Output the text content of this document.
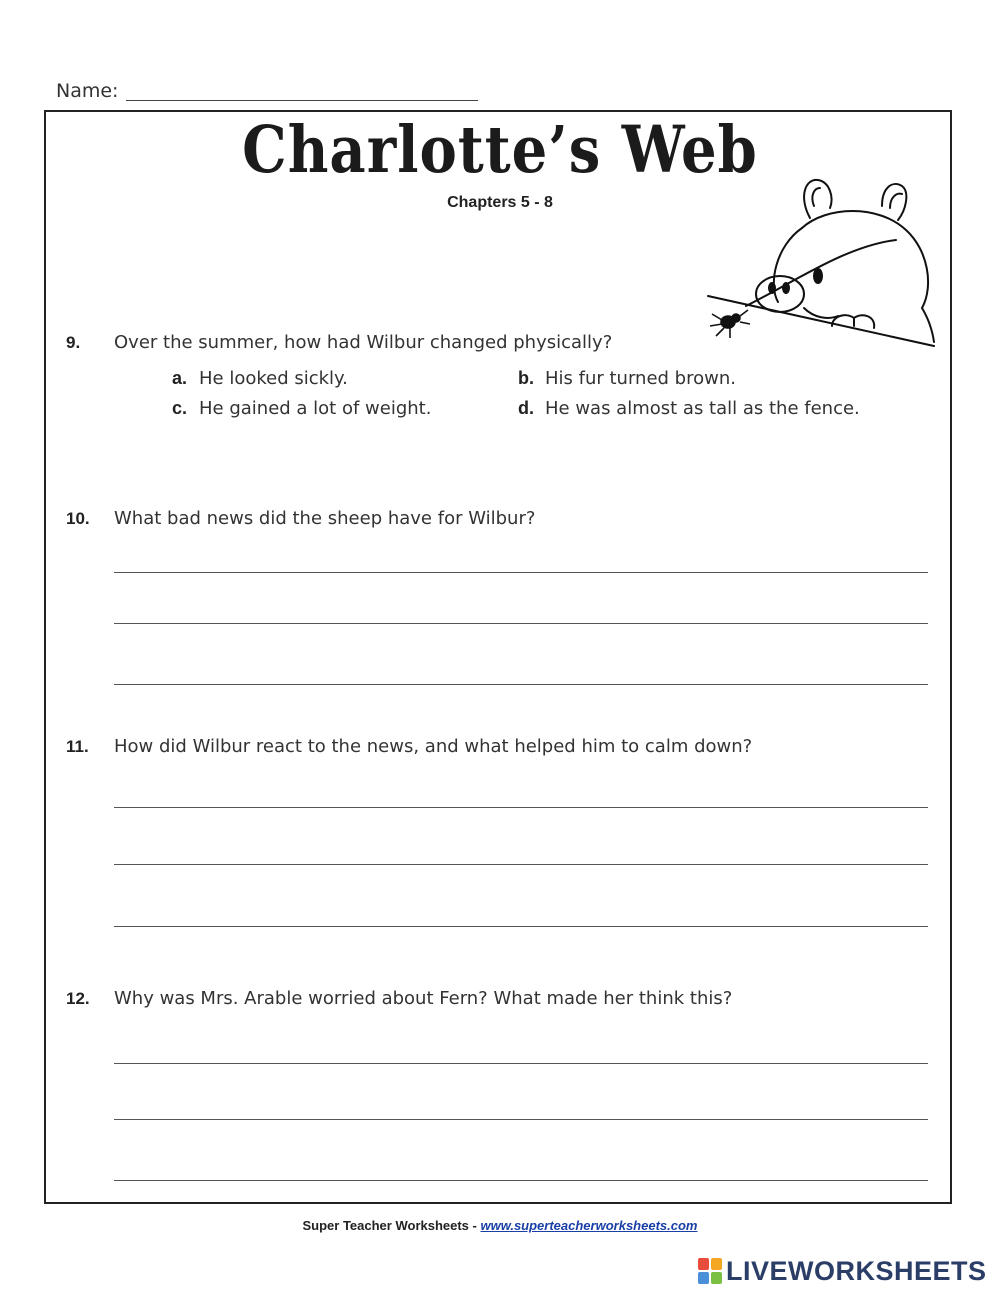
Name:
Charlotte’s Web
Chapters 5 - 8
9. Over the summer, how had Wilbur changed physically?
a. He looked sickly.	b. His fur turned brown.
c. He gained a lot of weight.	d. He was almost as tall as the fence.
10. What bad news did the sheep have for Wilbur?
11. How did Wilbur react to the news, and what helped him to calm down?
12. Why was Mrs. Arable worried about Fern? What made her think this?
Super Teacher Worksheets - www.superteacherworksheets.com
LIVEWORKSHEETS
